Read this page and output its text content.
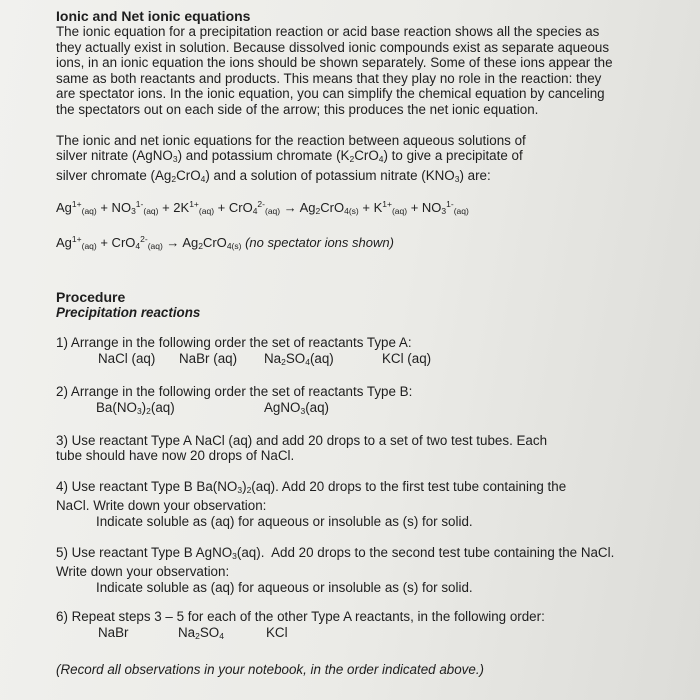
Ionic and Net ionic equations

The ionic equation for a precipitation reaction or acid base reaction shows all the species as they actually exist in solution. Because dissolved ionic compounds exist as separate aqueous ions, in an ionic equation the ions should be shown separately. Some of these ions appear the same as both reactants and products. This means that they play no role in the reaction: they are spectator ions. In the ionic equation, you can simplify the chemical equation by canceling the spectators out on each side of the arrow; this produces the net ionic equation.

The ionic and net ionic equations for the reaction between aqueous solutions of silver nitrate (AgNO$_3$) and potassium chromate $(K_2CrO_4)$ to give a precipitate of silver chromate $(Ag_2CrO_4)$ and a solution of potassium nitrate $(KNO_3)$ are:

$Ag^{1+}_{(aq)} + NO_3^{1-}_{(aq)} + 2K^{1+}_{(aq)} + CrO_4^{2-}_{(aq)} \to Ag_2CrO_{4(s)} + K^{1+}_{(aq)} + NO_3^{1-}_{(aq)}$

$Ag^{1+}_{(aq)} + CrO_4^{2-}_{(aq)} \to Ag_2CrO_{4(s)}$ (no spectator ions shown)

Procedure

Precipitation reactions

1) Arrange in the following order the set of reactants Type A:

NaCl (aq)	NaBr (aq)	Na2SO4(aq)	KCl (aq)

2) Arrange in the following order the set of reactants Type B:

Ba(NO3)2(aq)	AgNO3(aq)

3) Use reactant Type A NaCl (aq) and add 20 drops to a set of two test tubes. Each tube should have now 20 drops of NaCl.

4) Use reactant Type B $Ba(NO_3)_2(aq)$. Add 20 drops to the first test tube containing the NaCl. Write down your observation:

Indicate soluble as (aq) for aqueous or insoluble as (s) for solid.

5) Use reactant Type B AgNO$_3$(aq).  Add 20 drops to the second test tube containing the NaCl. Write down your observation:

Indicate soluble as (aq) for aqueous or insoluble as (s) for solid.

6) Repeat steps 3 – 5 for each of the other Type A reactants, in the following order:

NaBr	Na2SO4	KCl

(Record all observations in your notebook, in the order indicated above.)
